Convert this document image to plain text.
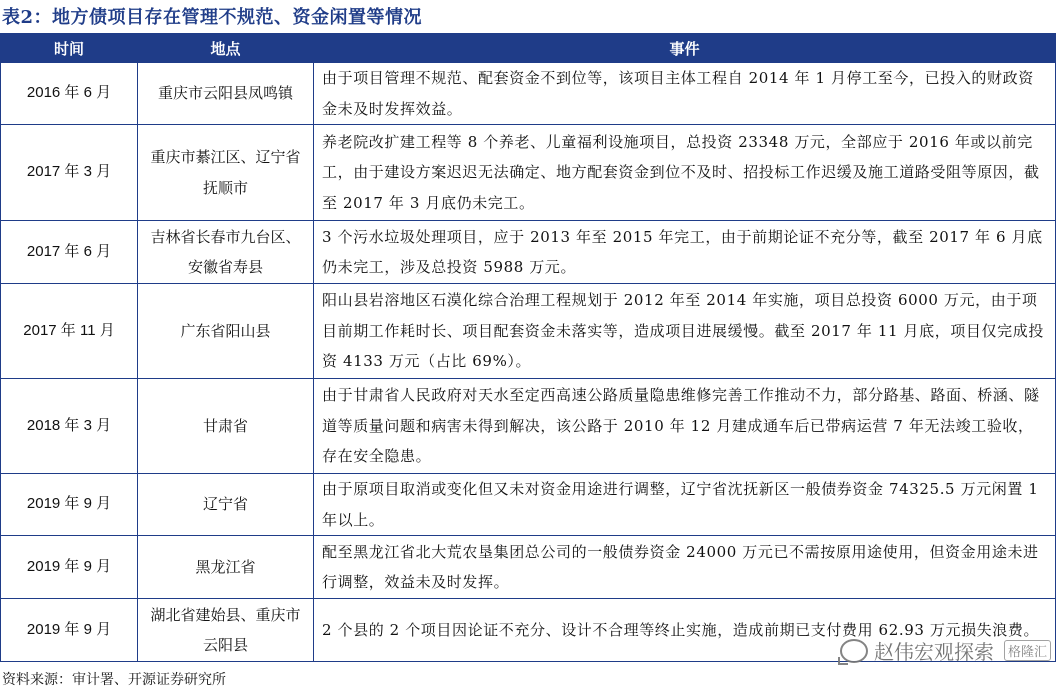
表2：地方债项目存在管理不规范、资金闲置等情况
时间	地点	事件
2016 年 6 月	重庆市云阳县凤鸣镇	由于项目管理不规范、配套资金不到位等，该项目主体工程自 2014 年 1 月停工至今，已投入的财政资金未及时发挥效益。
2017 年 3 月	重庆市綦江区、辽宁省抚顺市	养老院改扩建工程等 8 个养老、儿童福利设施项目，总投资 23348 万元，全部应于 2016 年或以前完工，由于建设方案迟迟无法确定、地方配套资金到位不及时、招投标工作迟缓及施工道路受阻等原因，截至 2017 年 3 月底仍未完工。
2017 年 6 月	吉林省长春市九台区、安徽省寿县	3 个污水垃圾处理项目，应于 2013 年至 2015 年完工，由于前期论证不充分等，截至 2017 年 6 月底仍未完工，涉及总投资 5988 万元。
2017 年 11 月	广东省阳山县	阳山县岩溶地区石漠化综合治理工程规划于 2012 年至 2014 年实施，项目总投资 6000 万元，由于项目前期工作耗时长、项目配套资金未落实等，造成项目进展缓慢。截至 2017 年 11 月底，项目仅完成投资 4133 万元（占比 69%）。
2018 年 3 月	甘肃省	由于甘肃省人民政府对天水至定西高速公路质量隐患维修完善工作推动不力，部分路基、路面、桥涵、隧道等质量问题和病害未得到解决，该公路于 2010 年 12 月建成通车后已带病运营 7 年无法竣工验收，存在安全隐患。
2019 年 9 月	辽宁省	由于原项目取消或变化但又未对资金用途进行调整，辽宁省沈抚新区一般债券资金 74325.5 万元闲置 1 年以上。
2019 年 9 月	黑龙江省	配至黑龙江省北大荒农垦集团总公司的一般债券资金 24000 万元已不需按原用途使用，但资金用途未进行调整，效益未及时发挥。
2019 年 9 月	湖北省建始县、重庆市云阳县	2 个县的 2 个项目因论证不充分、设计不合理等终止实施，造成前期已支付费用 62.93 万元损失浪费。
资料来源：审计署、开源证券研究所
赵伟宏观探索	格隆汇
